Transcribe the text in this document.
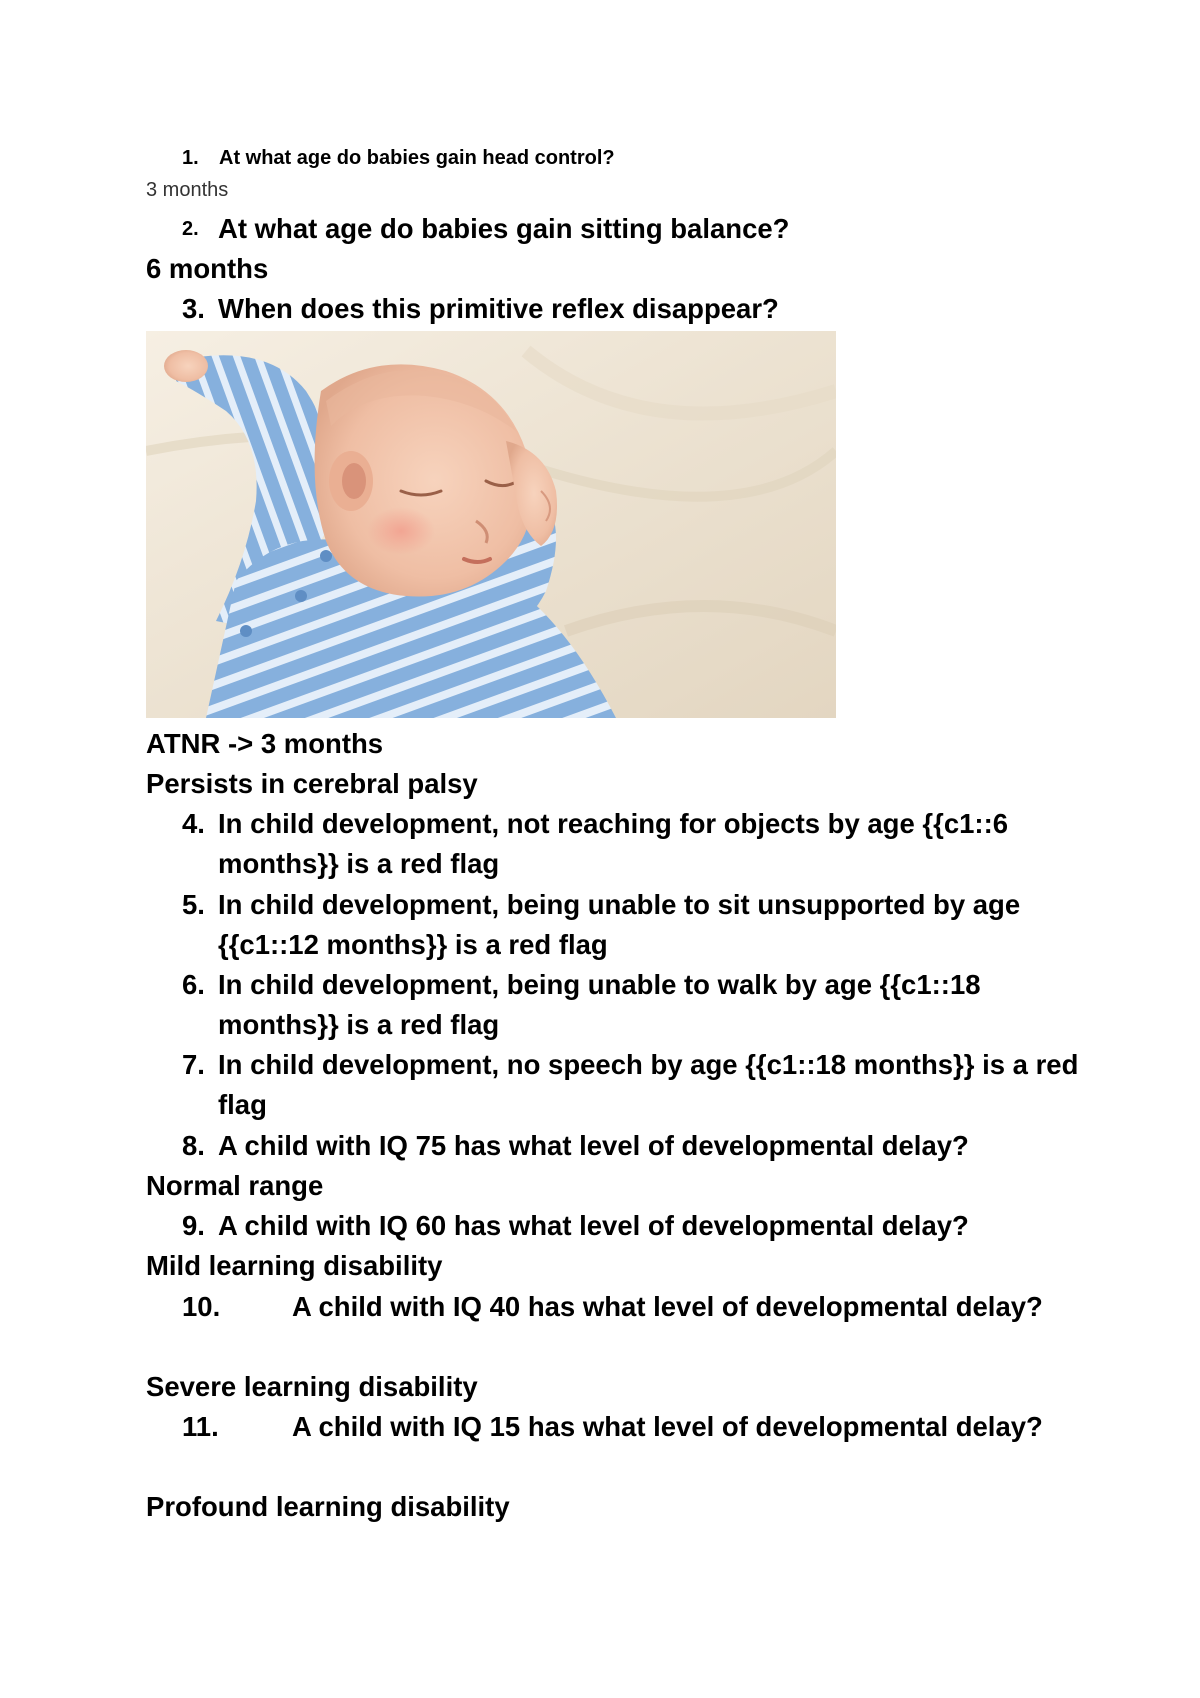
1. At what age do babies gain head control?
3 months
2. At what age do babies gain sitting balance?
6 months
3. When does this primitive reflex disappear?
ATNR -> 3 months
Persists in cerebral palsy
4. In child development, not reaching for objects by age {{c1::6 months}} is a red flag
5. In child development, being unable to sit unsupported by age {{c1::12 months}} is a red flag
6. In child development, being unable to walk by age {{c1::18 months}} is a red flag
7. In child development, no speech by age {{c1::18 months}} is a red flag
8. A child with IQ 75 has what level of developmental delay?
Normal range
9. A child with IQ 60 has what level of developmental delay?
Mild learning disability
10.	A child with IQ 40 has what level of developmental delay?
Severe learning disability
11.	A child with IQ 15 has what level of developmental delay?
Profound learning disability
